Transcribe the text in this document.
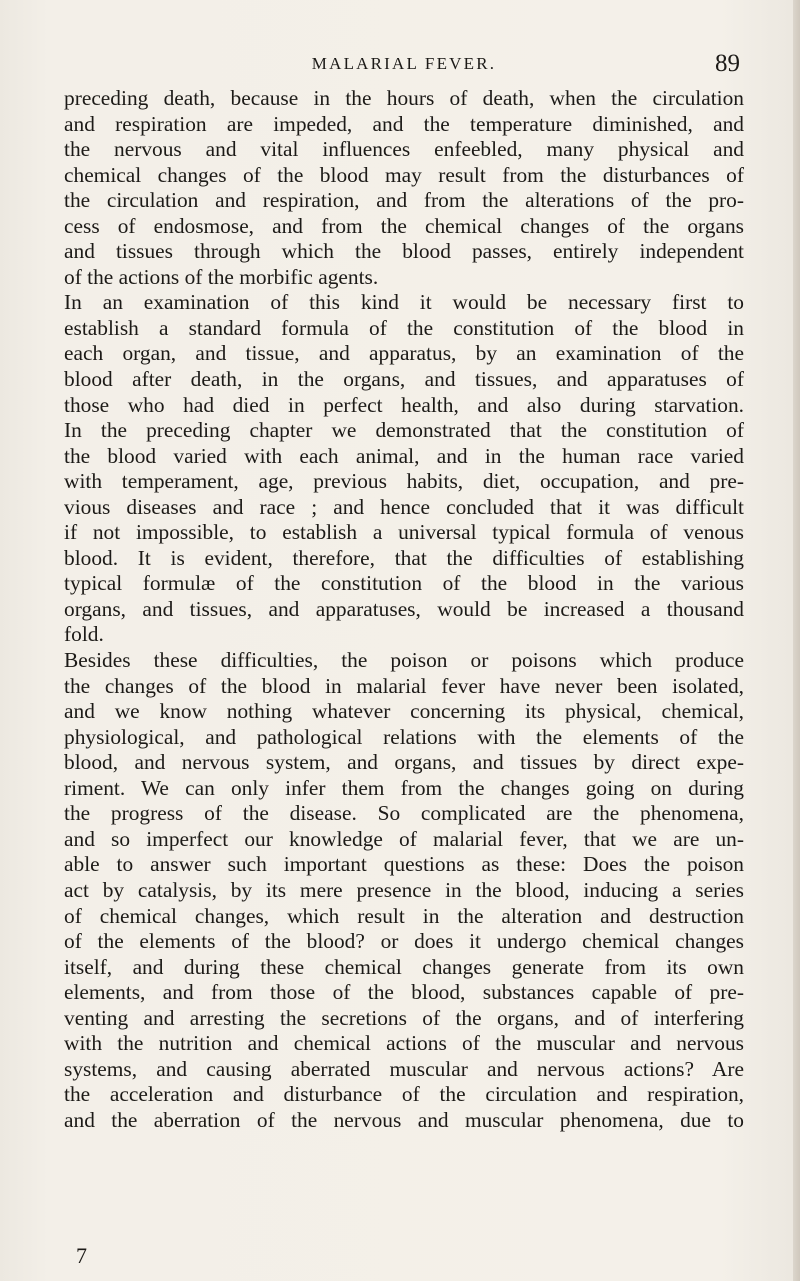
MALARIAL FEVER.	89
preceding death, because in the hours of death, when the circulation
and respiration are impeded, and the temperature diminished, and
the nervous and vital influences enfeebled, many physical and
chemical changes of the blood may result from the disturbances of
the circulation and respiration, and from the alterations of the pro-
cess of endosmose, and from the chemical changes of the organs
and tissues through which the blood passes, entirely independent
of the actions of the morbific agents.
In an examination of this kind it would be necessary first to
establish a standard formula of the constitution of the blood in
each organ, and tissue, and apparatus, by an examination of the
blood after death, in the organs, and tissues, and apparatuses of
those who had died in perfect health, and also during starvation.
In the preceding chapter we demonstrated that the constitution of
the blood varied with each animal, and in the human race varied
with temperament, age, previous habits, diet, occupation, and pre-
vious diseases and race ; and hence concluded that it was difficult
if not impossible, to establish a universal typical formula of venous
blood. It is evident, therefore, that the difficulties of establishing
typical formulæ of the constitution of the blood in the various
organs, and tissues, and apparatuses, would be increased a thousand
fold.
Besides these difficulties, the poison or poisons which produce
the changes of the blood in malarial fever have never been isolated,
and we know nothing whatever concerning its physical, chemical,
physiological, and pathological relations with the elements of the
blood, and nervous system, and organs, and tissues by direct expe-
riment. We can only infer them from the changes going on during
the progress of the disease. So complicated are the phenomena,
and so imperfect our knowledge of malarial fever, that we are un-
able to answer such important questions as these: Does the poison
act by catalysis, by its mere presence in the blood, inducing a series
of chemical changes, which result in the alteration and destruction
of the elements of the blood? or does it undergo chemical changes
itself, and during these chemical changes generate from its own
elements, and from those of the blood, substances capable of pre-
venting and arresting the secretions of the organs, and of interfering
with the nutrition and chemical actions of the muscular and nervous
systems, and causing aberrated muscular and nervous actions? Are
the acceleration and disturbance of the circulation and respiration,
and the aberration of the nervous and muscular phenomena, due to
7
